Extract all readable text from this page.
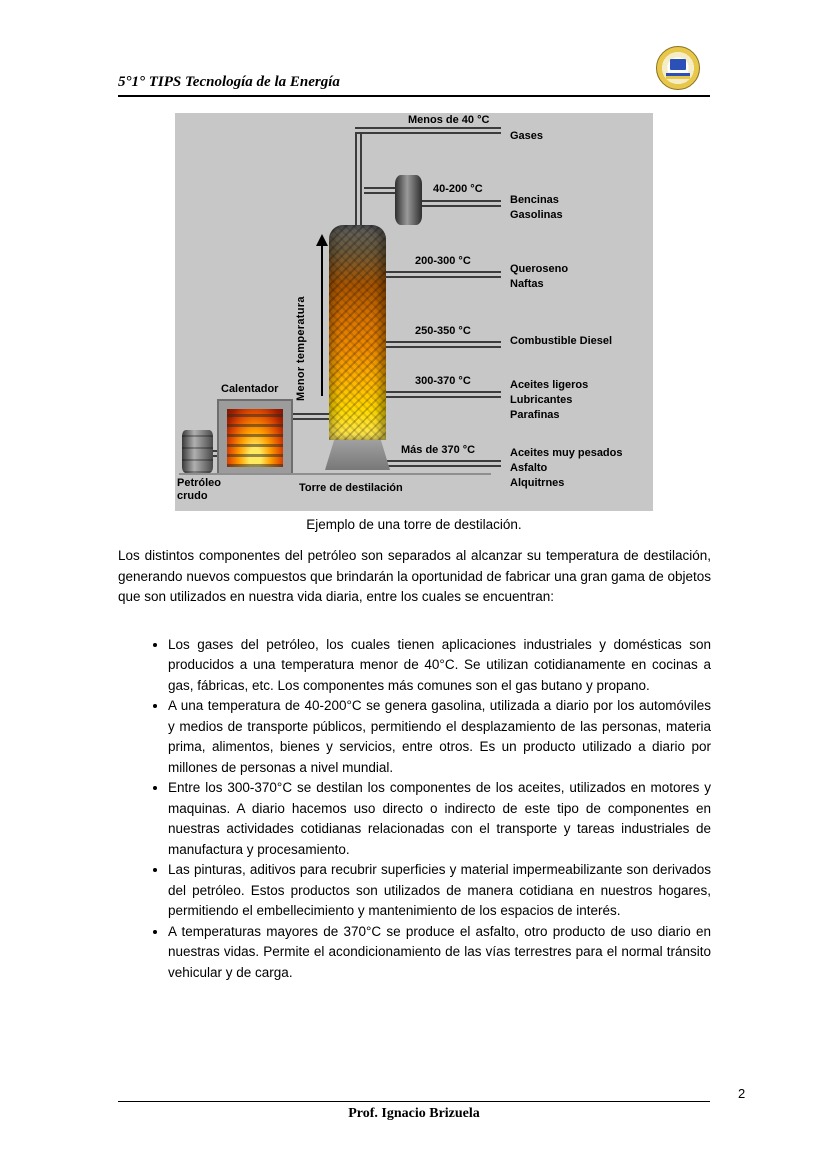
5°1° TIPS Tecnología de la Energía
Menor temperatura
Menos de 40 °C
40-200 °C
200-300 °C
250-350 °C
300-370 °C
Más de 370 °C
Gases
Bencinas
Gasolinas
Queroseno
Naftas
Combustible Diesel
Aceites ligeros
Lubricantes
Parafinas
Aceites muy pesados
Asfalto
Alquitrnes
Calentador
Petróleo crudo
Torre de destilación
Ejemplo de una torre de destilación.

Los distintos componentes del petróleo son separados al alcanzar su temperatura de destilación, generando nuevos compuestos que brindarán la oportunidad de fabricar una gran gama de objetos que son utilizados en nuestra vida diaria, entre los cuales se encuentran:

• Los gases del petróleo, los cuales tienen aplicaciones industriales y domésticas son producidos a una temperatura menor de 40°C. Se utilizan cotidianamente en cocinas a gas, fábricas, etc. Los componentes más comunes son el gas butano y propano.
• A una temperatura de 40-200°C se genera gasolina, utilizada a diario por los automóviles y medios de transporte públicos, permitiendo el desplazamiento de las personas, materia prima, alimentos, bienes y servicios, entre otros. Es un producto utilizado a diario por millones de personas a nivel mundial.
• Entre los 300-370°C se destilan los componentes de los aceites, utilizados en motores y maquinas. A diario hacemos uso directo o indirecto de este tipo de componentes en nuestras actividades cotidianas relacionadas con el transporte y tareas industriales de manufactura y procesamiento.
• Las pinturas, aditivos para recubrir superficies y material impermeabilizante son derivados del petróleo. Estos productos son utilizados de manera cotidiana en nuestros hogares, permitiendo el embellecimiento y mantenimiento de los espacios de interés.
• A temperaturas mayores de 370°C se produce el asfalto, otro producto de uso diario en nuestras vidas. Permite el acondicionamiento de las vías terrestres para el normal tránsito vehicular y de carga.
2
Prof. Ignacio Brizuela
